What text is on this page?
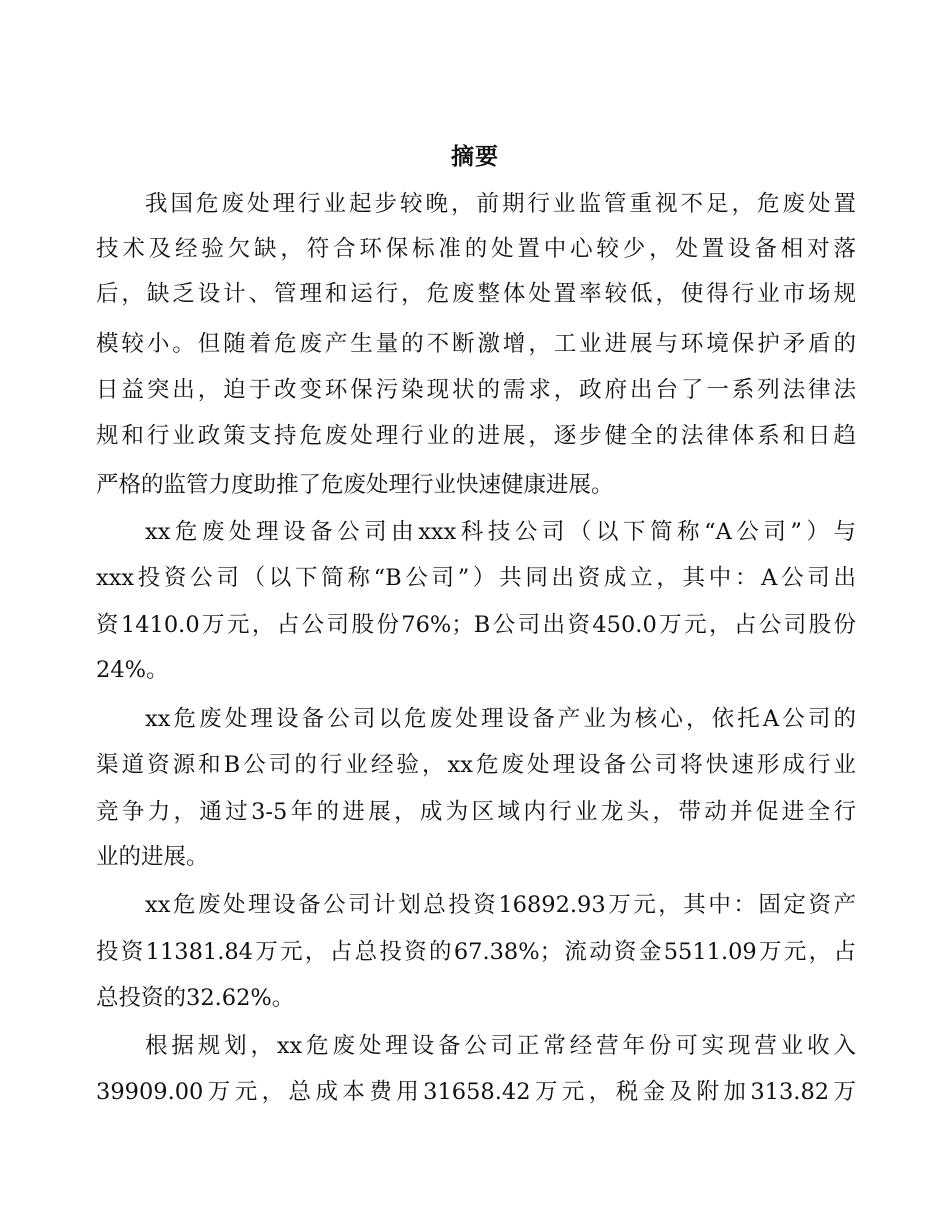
摘要
我国危废处理行业起步较晚，前期行业监管重视不足，危废处置
技术及经验欠缺，符合环保标准的处置中心较少，处置设备相对落
后，缺乏设计、管理和运行，危废整体处置率较低，使得行业市场规
模较小。但随着危废产生量的不断激增，工业进展与环境保护矛盾的
日益突出，迫于改变环保污染现状的需求，政府出台了一系列法律法
规和行业政策支持危废处理行业的进展，逐步健全的法律体系和日趋
严格的监管力度助推了危废处理行业快速健康进展。
xx危废处理设备公司由xxx科技公司（以下简称“A公司”）与
xxx投资公司（以下简称“B公司”）共同出资成立，其中：A公司出
资1410.0万元，占公司股份76%；B公司出资450.0万元，占公司股份
24%。
xx危废处理设备公司以危废处理设备产业为核心，依托A公司的
渠道资源和B公司的行业经验，xx危废处理设备公司将快速形成行业
竞争力，通过3-5年的进展，成为区域内行业龙头，带动并促进全行
业的进展。
xx危废处理设备公司计划总投资16892.93万元，其中：固定资产
投资11381.84万元，占总投资的67.38%；流动资金5511.09万元，占
总投资的32.62%。
根据规划，xx危废处理设备公司正常经营年份可实现营业收入
39909.00万元，总成本费用31658.42万元，税金及附加313.82万
